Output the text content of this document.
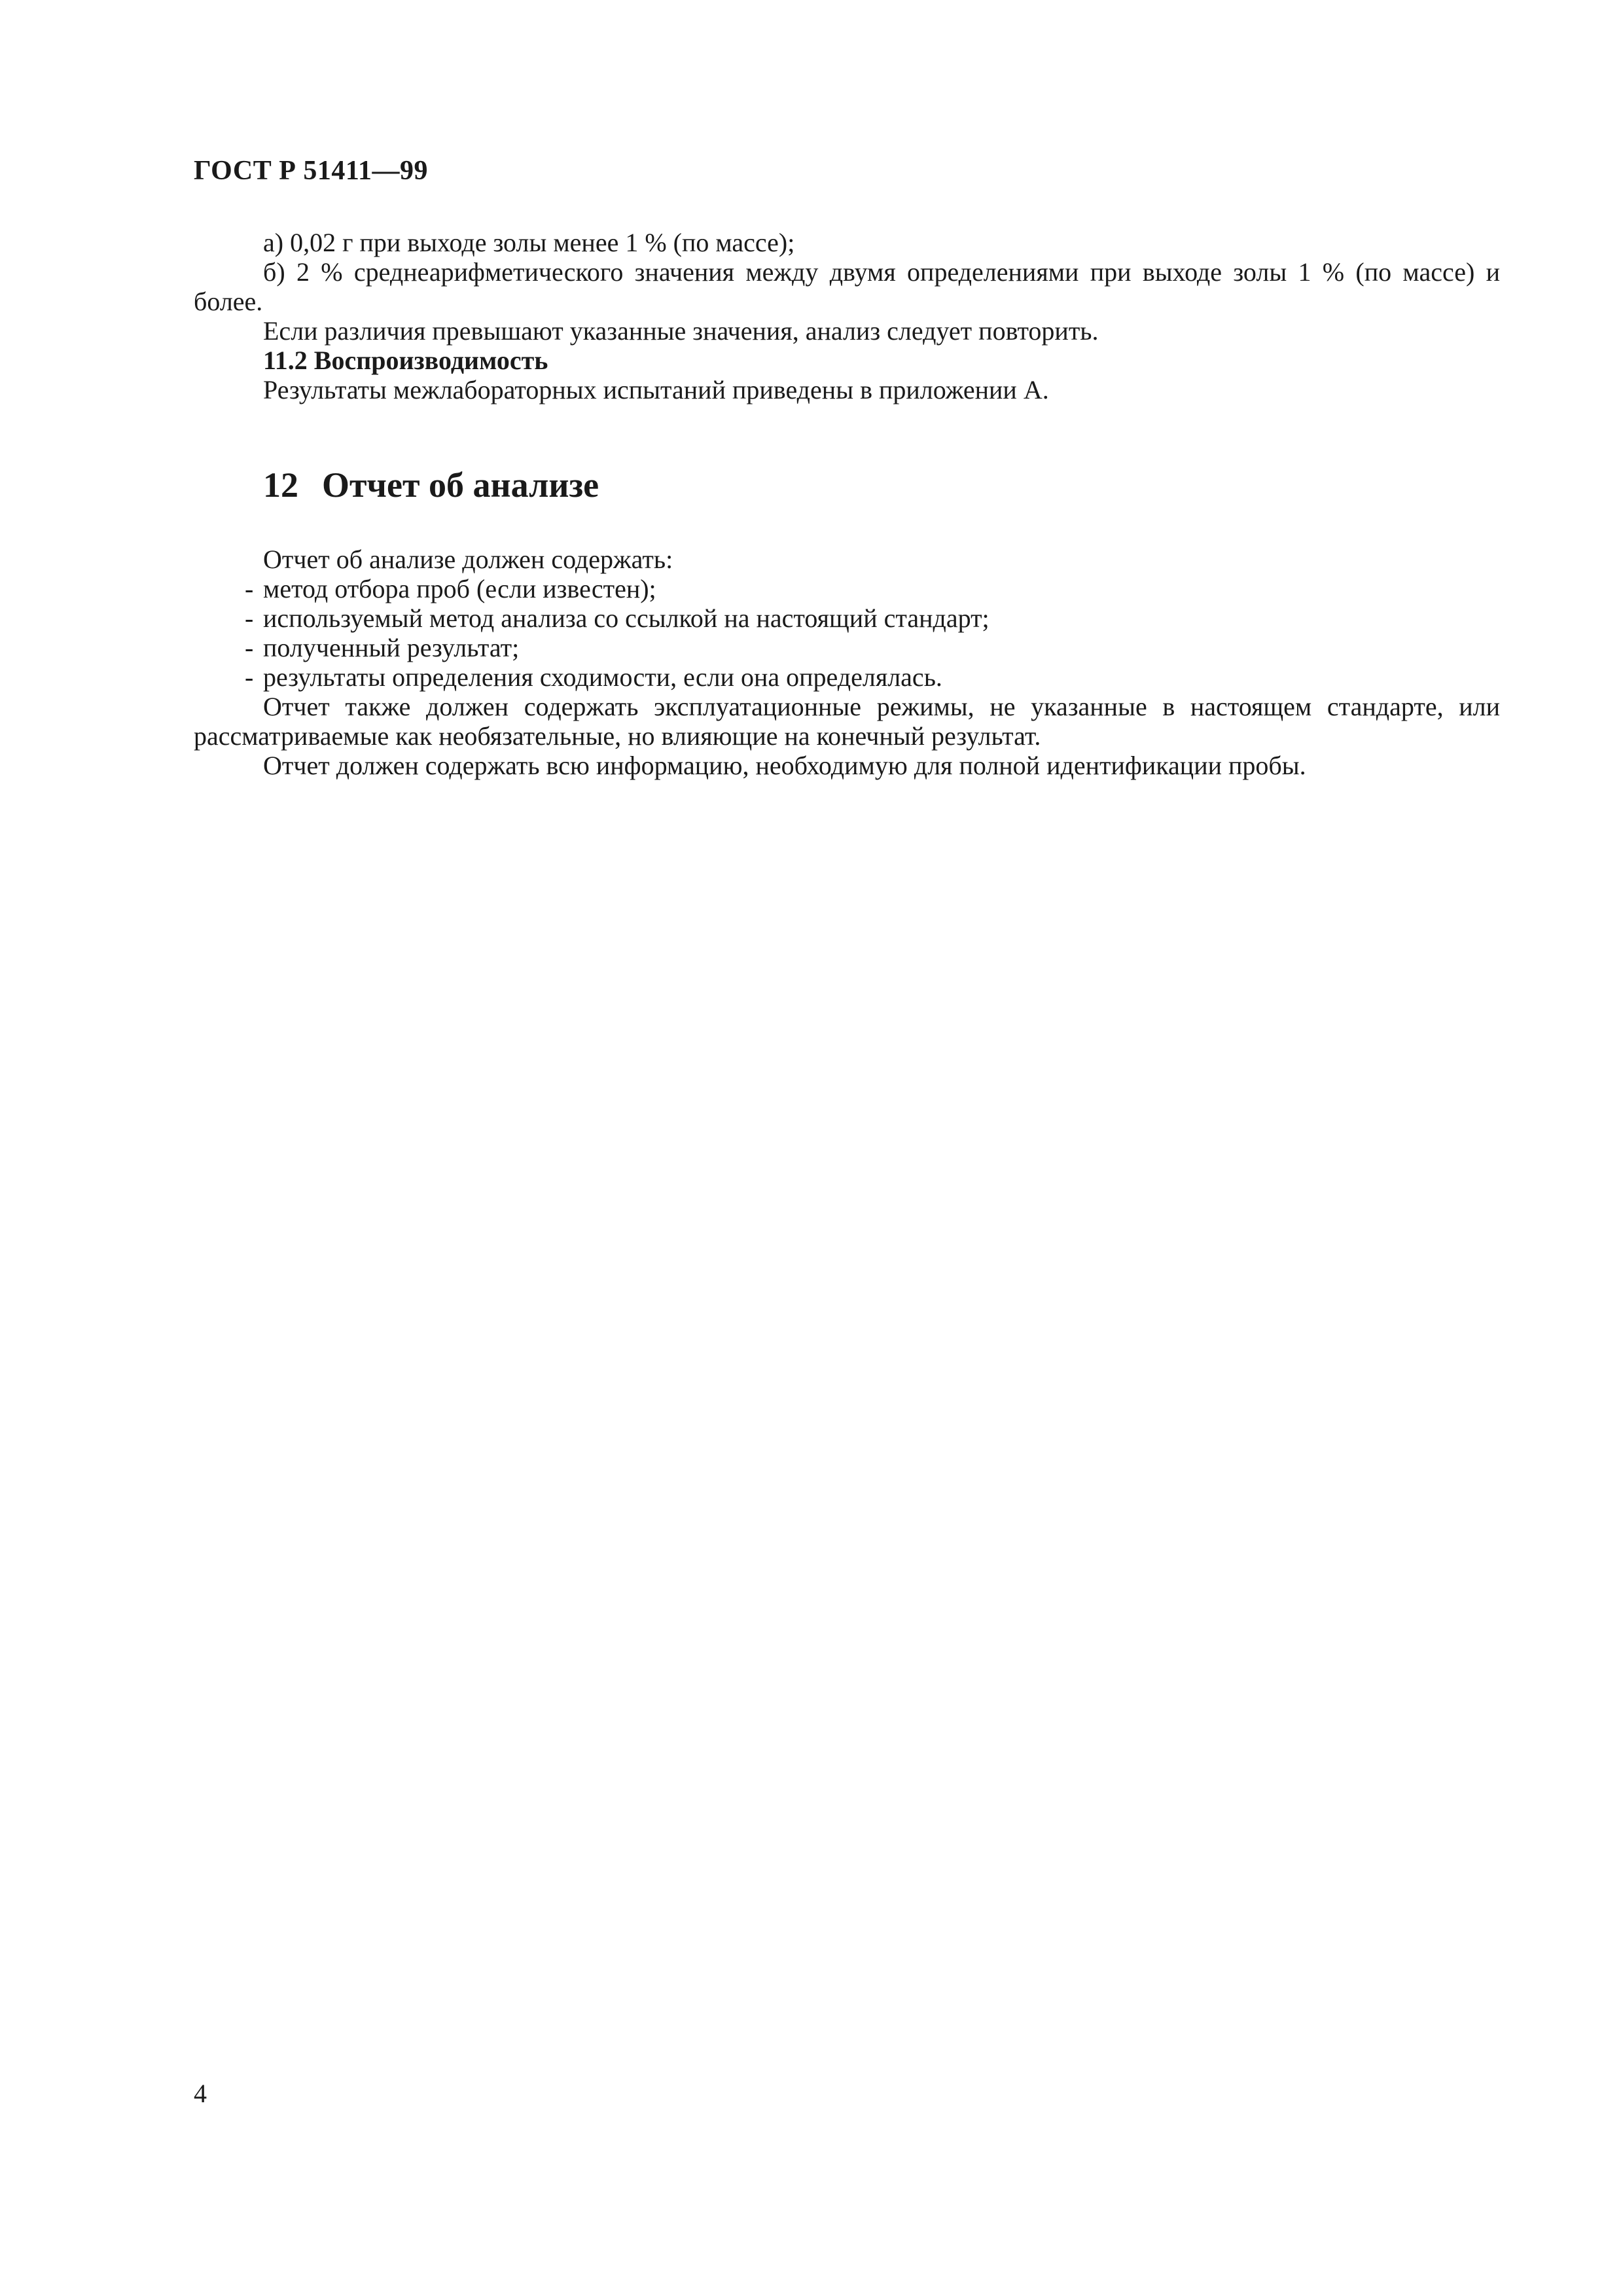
ГОСТ Р 51411—99

а) 0,02 г при выходе золы менее 1 % (по массе);

б) 2 % среднеарифметического значения между двумя определениями при выходе золы 1 % (по массе) и более.

Если различия превышают указанные значения, анализ следует повторить.

11.2 Воспроизводимость

Результаты межлабораторных испытаний приведены в приложении А.

12 Отчет об анализе

Отчет об анализе должен содержать:

- метод отбора проб (если известен);

- используемый метод анализа со ссылкой на настоящий стандарт;

- полученный результат;

- результаты определения сходимости, если она определялась.

Отчет также должен содержать эксплуатационные режимы, не указанные в настоящем стандарте, или рассматриваемые как необязательные, но влияющие на конечный результат.

Отчет должен содержать всю информацию, необходимую для полной идентификации пробы.

4
